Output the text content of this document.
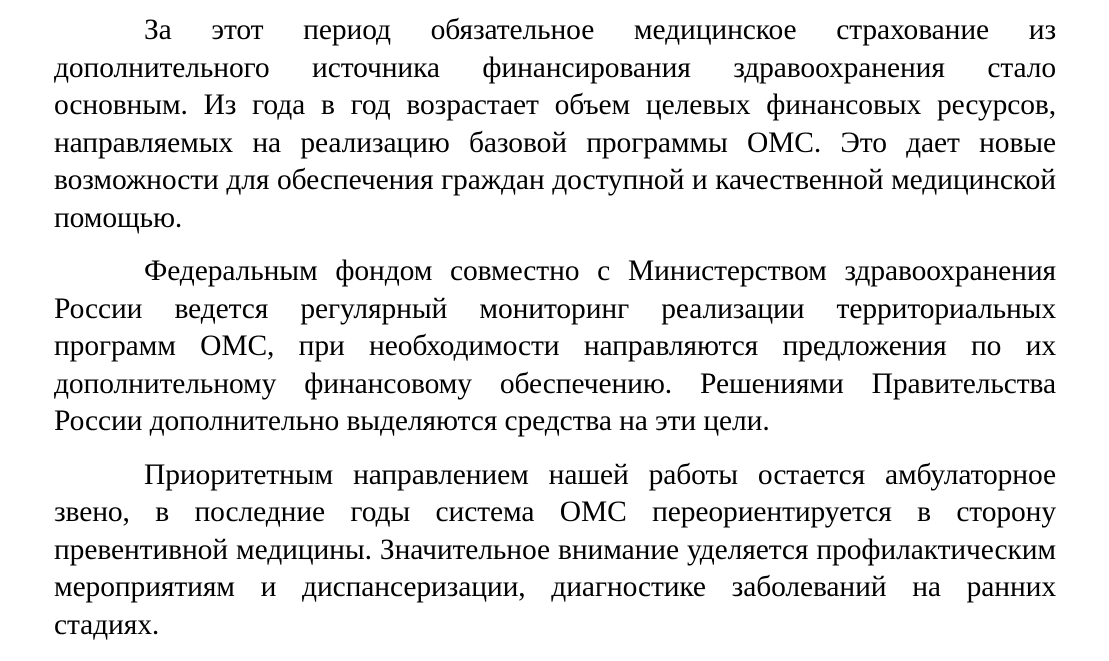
За этот период обязательное медицинское страхование из дополнительного источника финансирования здравоохранения стало основным. Из года в год возрастает объем целевых финансовых ресурсов, направляемых на реализацию базовой программы ОМС. Это дает новые возможности для обеспечения граждан доступной и качественной медицинской помощью.

Федеральным фондом совместно с Министерством здравоохранения России ведется регулярный мониторинг реализации территориальных программ ОМС, при необходимости направляются предложения по их дополнительному финансовому обеспечению. Решениями Правительства России дополнительно выделяются средства на эти цели.

Приоритетным направлением нашей работы остается амбулаторное звено, в последние годы система ОМС переориентируется в сторону превентивной медицины. Значительное внимание уделяется профилактическим мероприятиям и диспансеризации, диагностике заболеваний на ранних стадиях.
